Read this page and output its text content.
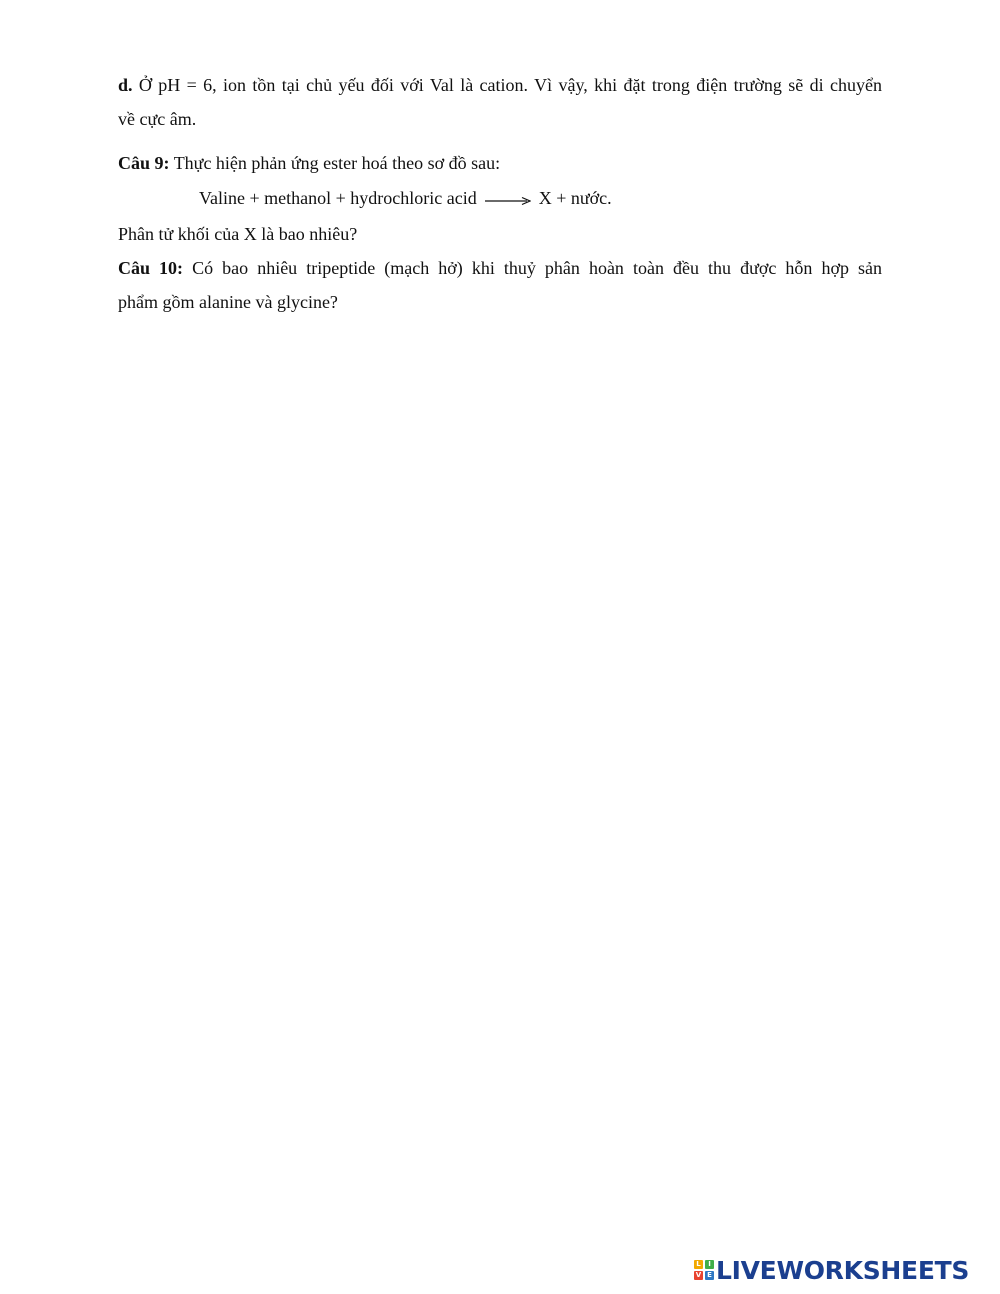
d. Ở pH = 6, ion tồn tại chủ yếu đối với Val là cation. Vì vậy, khi đặt trong điện trường sẽ di chuyển
về cực âm.
Câu 9: Thực hiện phản ứng ester hoá theo sơ đồ sau:
Valine + methanol + hydrochloric acid → X + nước.
Phân tử khối của X là bao nhiêu?
Câu 10: Có bao nhiêu tripeptide (mạch hở) khi thuỷ phân hoàn toàn đều thu được hỗn hợp sản
phẩm gồm alanine và glycine?
L	I
V E LIVEWORKSHEETS
